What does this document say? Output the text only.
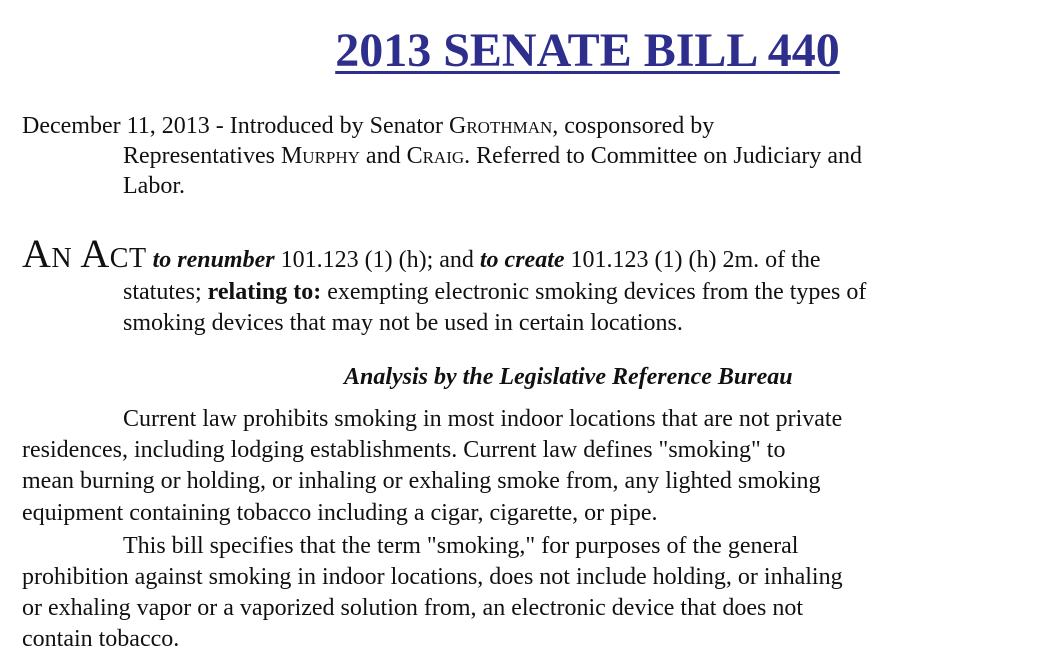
2013 SENATE BILL 440
December 11, 2013 - Introduced by Senator Grothman, cosponsored by
Representatives Murphy and Craig. Referred to Committee on Judiciary and
Labor.
An Act to renumber 101.123 (1) (h); and to create 101.123 (1) (h) 2m. of the
statutes; relating to: exempting electronic smoking devices from the types of
smoking devices that may not be used in certain locations.
Analysis by the Legislative Reference Bureau
Current law prohibits smoking in most indoor locations that are not private
residences, including lodging establishments. Current law defines "smoking" to
mean burning or holding, or inhaling or exhaling smoke from, any lighted smoking
equipment containing tobacco including a cigar, cigarette, or pipe.
This bill specifies that the term "smoking," for purposes of the general
prohibition against smoking in indoor locations, does not include holding, or inhaling
or exhaling vapor or a vaporized solution from, an electronic device that does not
contain tobacco.
